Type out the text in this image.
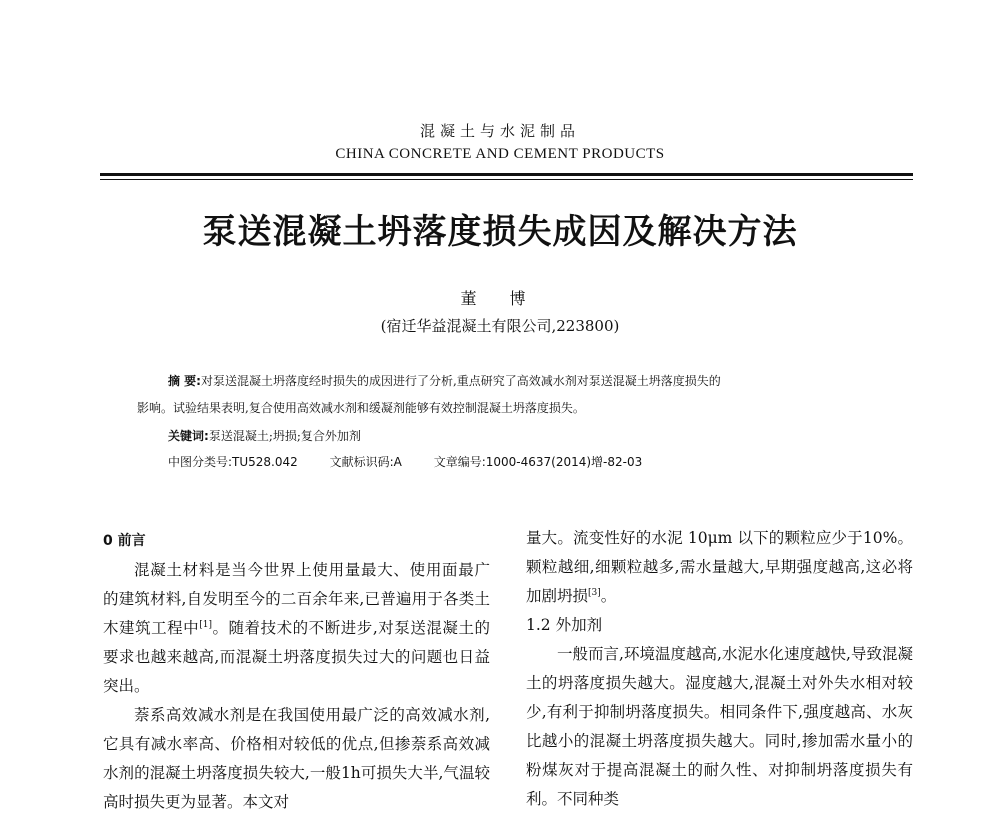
混凝土与水泥制品
CHINA CONCRETE AND CEMENT PRODUCTS
泵送混凝土坍落度损失成因及解决方法
董 博
(宿迁华益混凝土有限公司,223800)
摘 要:对泵送混凝土坍落度经时损失的成因进行了分析,重点研究了高效减水剂对泵送混凝土坍落度损失的
影响。试验结果表明,复合使用高效减水剂和缓凝剂能够有效控制混凝土坍落度损失。
关键词:泵送混凝土;坍损;复合外加剂
中图分类号:TU528.042	文献标识码:A	文章编号:1000-4637(2014)增-82-03

0 前言

混凝土材料是当今世界上使用量最大、使用面最广的建筑材料,自发明至今的二百余年来,已普遍用于各类土木建筑工程中[1]。随着技术的不断进步,对泵送混凝土的要求也越来越高,而混凝土坍落度损失过大的问题也日益突出。

萘系高效减水剂是在我国使用最广泛的高效减水剂,它具有减水率高、价格相对较低的优点,但掺萘系高效减水剂的混凝土坍落度损失较大,一般1h可损失大半,气温较高时损失更为显著。本文对

量大。流变性好的水泥 10μm 以下的颗粒应少于10%。颗粒越细,细颗粒越多,需水量越大,早期强度越高,这必将加剧坍损[3]。

1.2 外加剂

一般而言,环境温度越高,水泥水化速度越快,导致混凝土的坍落度损失越大。湿度越大,混凝土对外失水相对较少,有利于抑制坍落度损失。相同条件下,强度越高、水灰比越小的混凝土坍落度损失越大。同时,掺加需水量小的粉煤灰对于提高混凝土的耐久性、对抑制坍落度损失有利。不同种类
